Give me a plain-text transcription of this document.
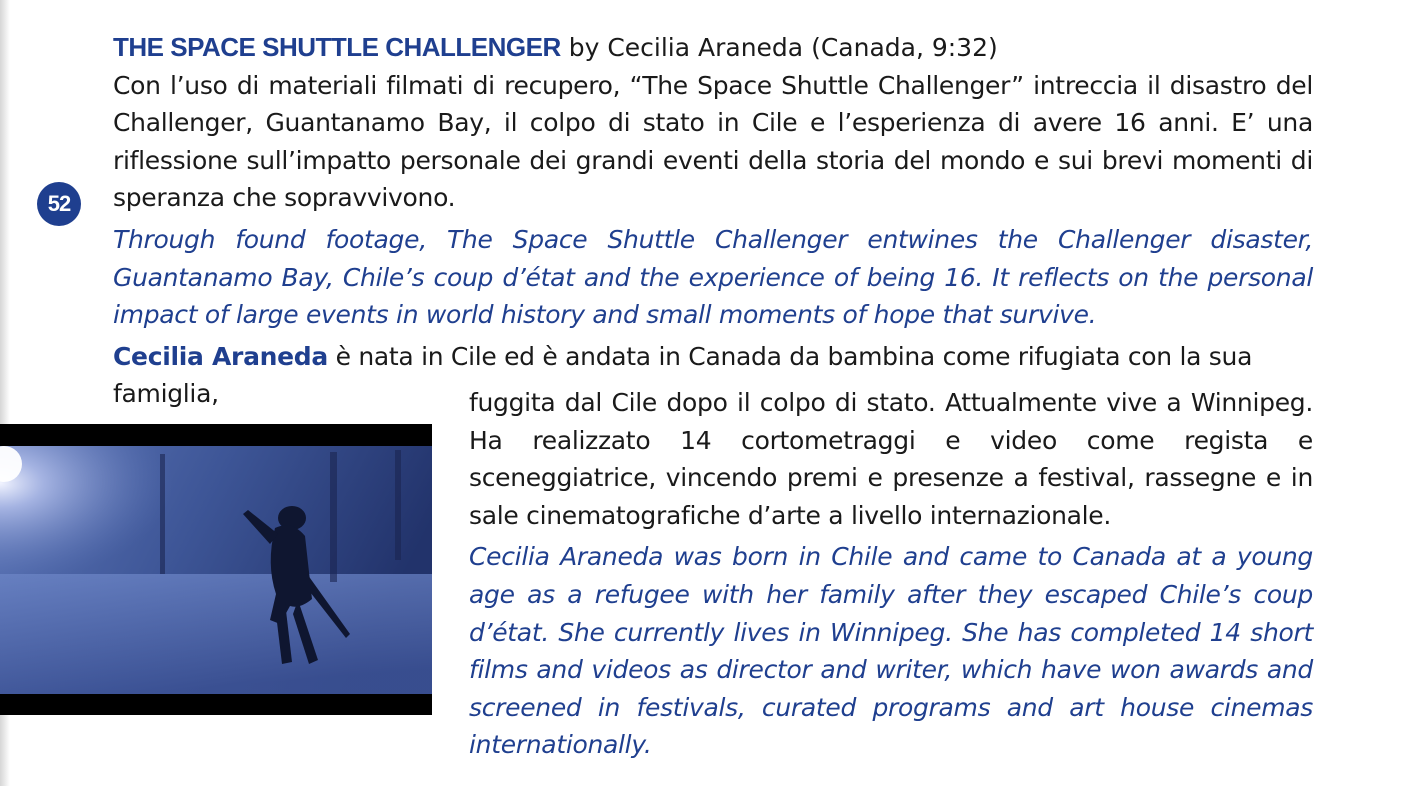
52
THE SPACE SHUTTLE CHALLENGER by Cecilia Araneda (Canada, 9:32)

Con l’uso di materiali filmati di recupero, “The Space Shuttle Challenger” intreccia il disastro del Challenger, Guantanamo Bay, il colpo di stato in Cile e l’esperienza di avere 16 anni. E’ una riflessione sull’impatto personale dei grandi eventi della storia del mondo e sui brevi momenti di speranza che sopravvivono.

Through found footage, The Space Shuttle Challenger entwines the Challenger disaster, Guantanamo Bay, Chile’s coup d’état and the experience of being 16. It reflects on the personal impact of large events in world history and small moments of hope that survive.

Cecilia Araneda è nata in Cile ed è andata in Canada da bambina come rifugiata con la sua famiglia,	fuggita dal Cile dopo il colpo di stato. Attualmente vive a Winnipeg. Ha realizzato 14 cortometraggi e video come regista e sceneggiatrice, vincendo premi e presenze a festival, rassegne e in sale cinematografiche d’arte a livello internazionale.

Cecilia Araneda was born in Chile and came to Canada at a young age as a refugee with her family after they escaped Chile’s coup d’état. She currently lives in Winnipeg. She has completed 14 short films and videos as director and writer, which have won awards and screened in festivals, curated programs and art house cinemas internationally.
